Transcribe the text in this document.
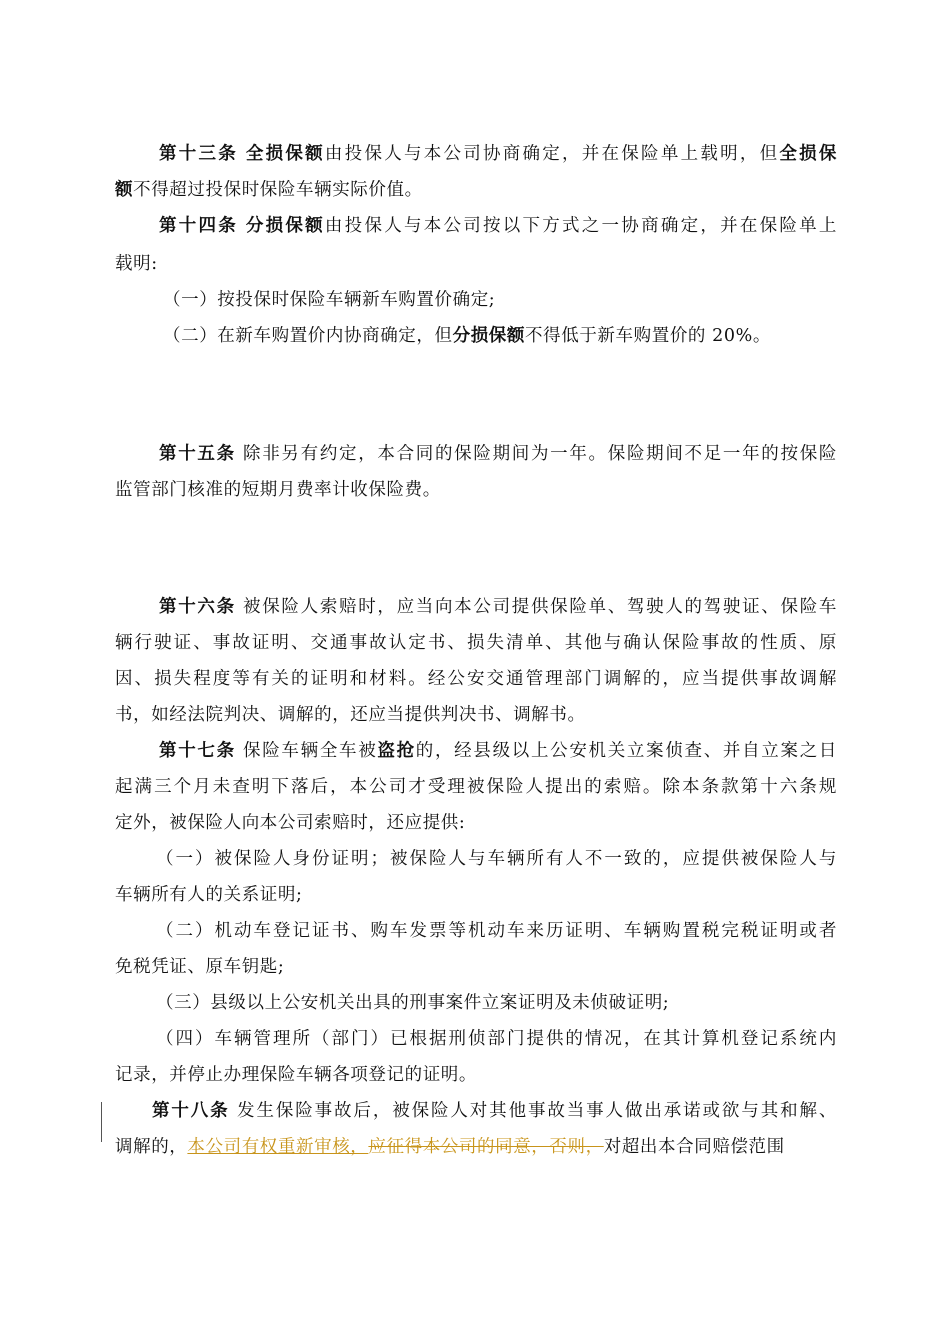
第十三条 全损保额由投保人与本公司协商确定，并在保险单上载明，但全损保
额不得超过投保时保险车辆实际价值。
第十四条 分损保额由投保人与本公司按以下方式之一协商确定，并在保险单上
载明:
（一）按投保时保险车辆新车购置价确定;
（二）在新车购置价内协商确定，但分损保额不得低于新车购置价的 20%。
第十五条 除非另有约定，本合同的保险期间为一年。保险期间不足一年的按保险
监管部门核准的短期月费率计收保险费。
第十六条 被保险人索赔时，应当向本公司提供保险单、驾驶人的驾驶证、保险车
辆行驶证、事故证明、交通事故认定书、损失清单、其他与确认保险事故的性质、原
因、损失程度等有关的证明和材料。经公安交通管理部门调解的，应当提供事故调解
书，如经法院判决、调解的，还应当提供判决书、调解书。
第十七条 保险车辆全车被盗抢的，经县级以上公安机关立案侦查、并自立案之日
起满三个月未查明下落后，本公司才受理被保险人提出的索赔。除本条款第十六条规
定外，被保险人向本公司索赔时，还应提供:
（一）被保险人身份证明；被保险人与车辆所有人不一致的，应提供被保险人与
车辆所有人的关系证明;
（二）机动车登记证书、购车发票等机动车来历证明、车辆购置税完税证明或者
免税凭证、原车钥匙;
（三）县级以上公安机关出具的刑事案件立案证明及未侦破证明;
（四）车辆管理所（部门）已根据刑侦部门提供的情况，在其计算机登记系统内
记录，并停止办理保险车辆各项登记的证明。
第十八条 发生保险事故后，被保险人对其他事故当事人做出承诺或欲与其和解、
调解的，本公司有权重新审核，应征得本公司的同意，否则，对超出本合同赔偿范围
